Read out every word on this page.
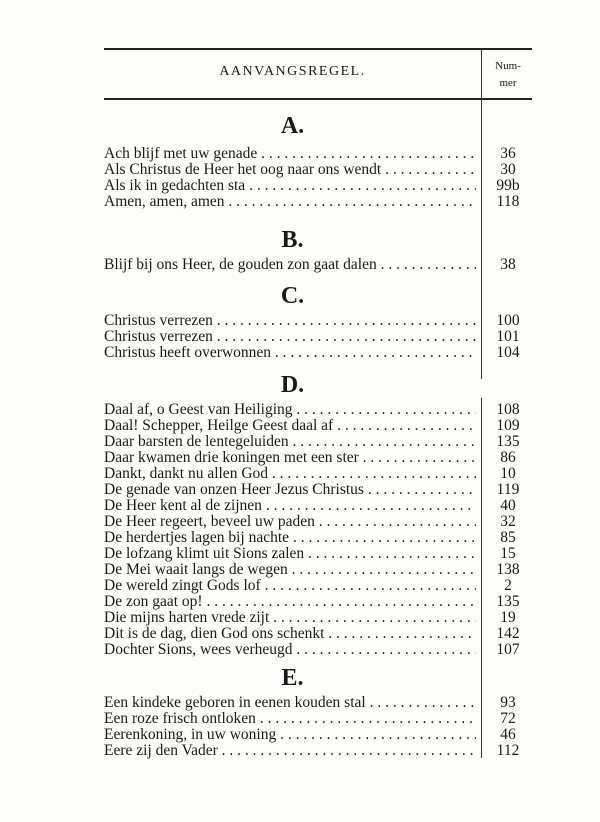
AANVANGSREGEL.	Num-
mer
A.
Ach blijf met uw genade . . .	36
Als Christus de Heer het oog naar ons wendt . . .	30
Als ik in gedachten sta . . .	99b
Amen, amen, amen . . .	118
B.
Blijf bij ons Heer, de gouden zon gaat dalen . . .	38
C.
Christus verrezen . . .	100
Christus verrezen . . .	101
Christus heeft overwonnen . . .	104
D.
Daal af, o Geest van Heiliging . . .	108
Daal! Schepper, Heilge Geest daal af . . .	109
Daar barsten de lentegeluiden . . .	135
Daar kwamen drie koningen met een ster . . .	86
Dankt, dankt nu allen God . . .	10
De genade van onzen Heer Jezus Christus . . .	119
De Heer kent al de zijnen . . .	40
De Heer regeert, beveel uw paden . . .	32
De herdertjes lagen bij nachte . . .	85
De lofzang klimt uit Sions zalen . . .	15
De Mei waait langs de wegen . . .	138
De wereld zingt Gods lof . . .	2
De zon gaat op! . . .	135
Die mijns harten vrede zijt . . .	19
Dit is de dag, dien God ons schenkt . . .	142
Dochter Sions, wees verheugd . . .	107
E.
Een kindeke geboren in eenen kouden stal . . .	93
Een roze frisch ontloken . . .	72
Eerenkoning, in uw woning . . .	46
Eere zij den Vader . . .	112
